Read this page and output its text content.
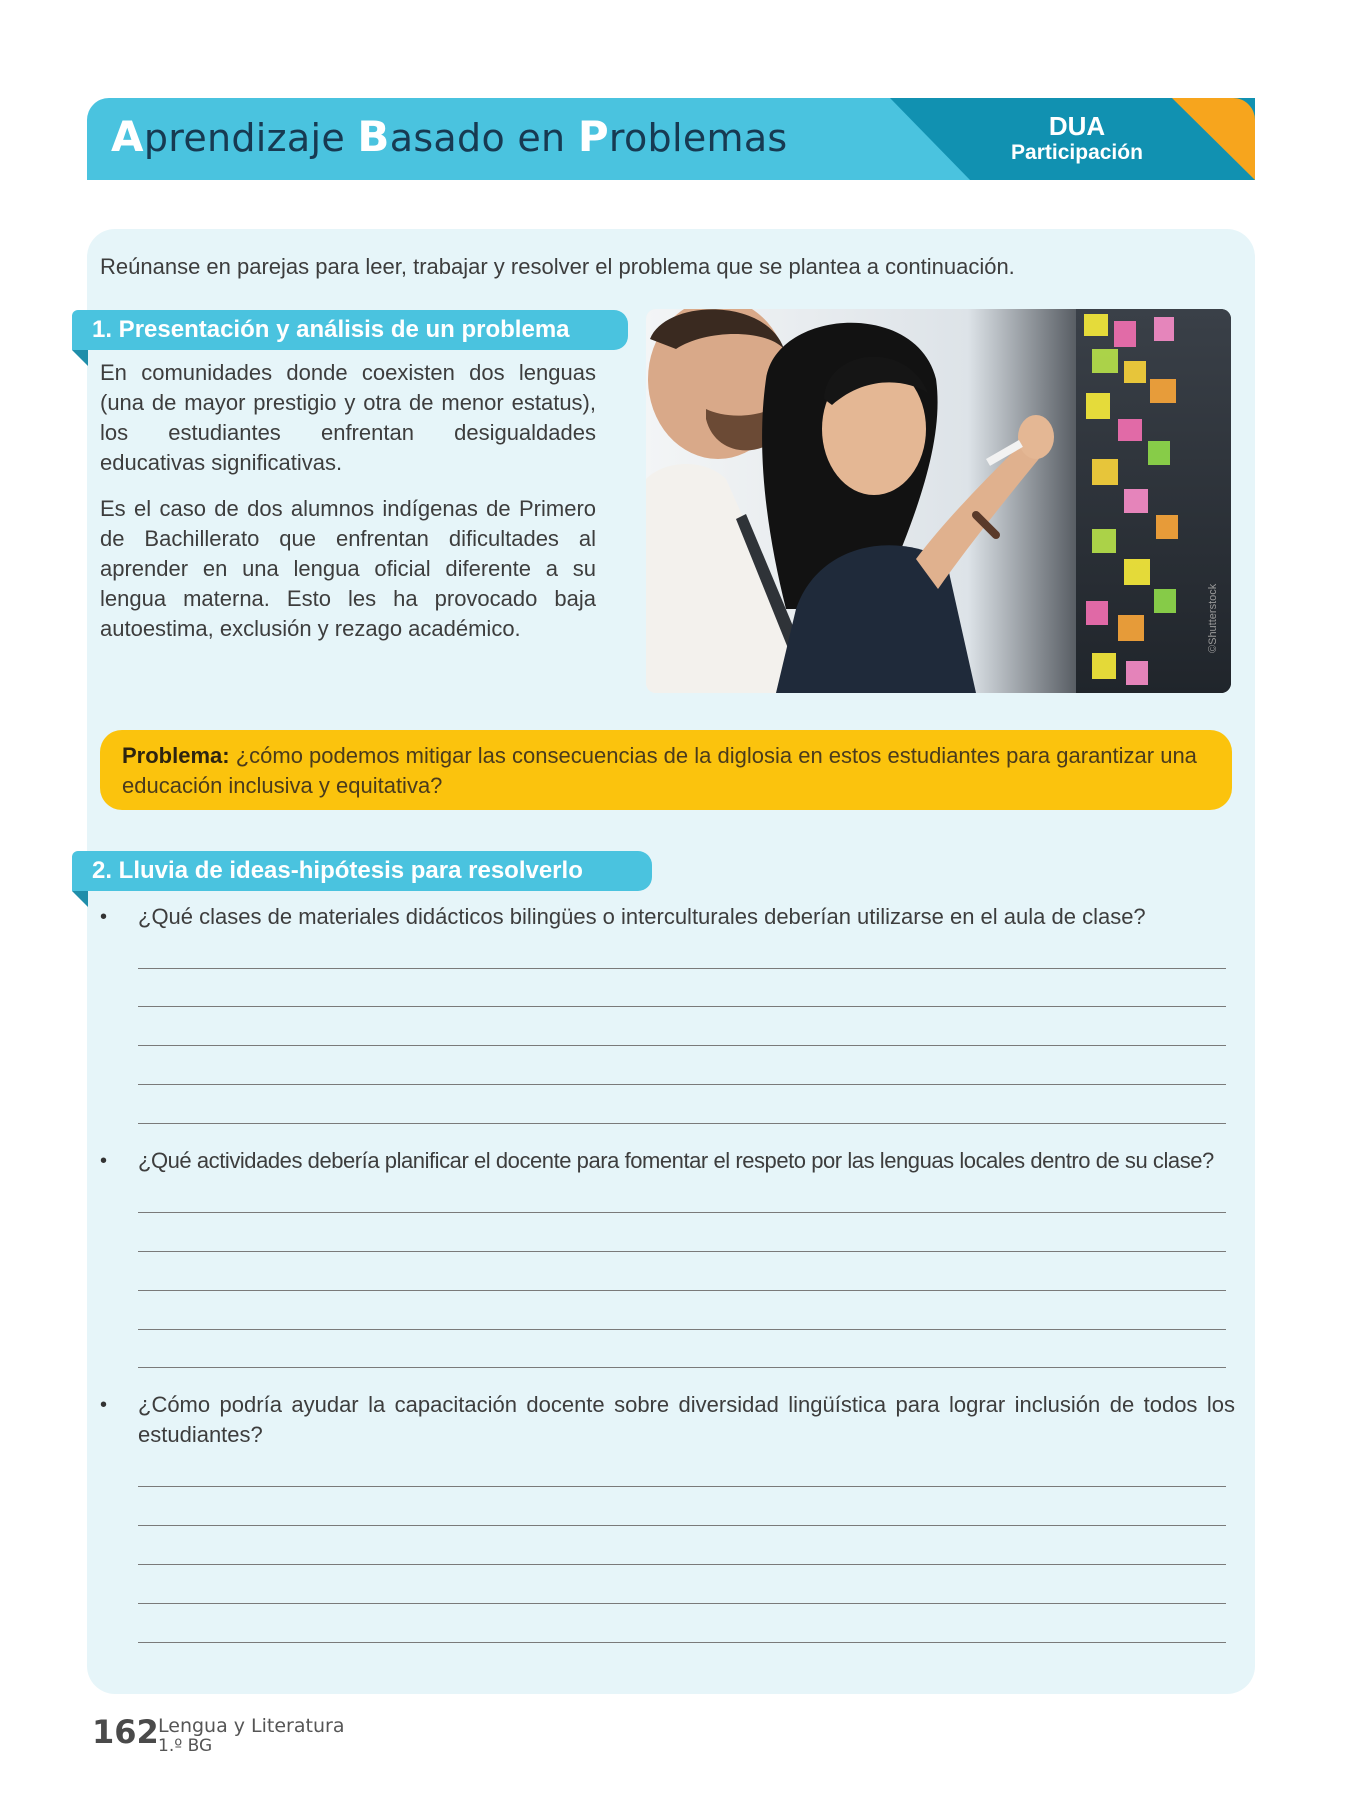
Aprendizaje Basado en Problemas	DUA
Participación

Reúnanse en parejas para leer, trabajar y resolver el problema que se plantea a continuación.

1. Presentación y análisis de un problema

En comunidades donde coexisten dos lenguas (una de mayor prestigio y otra de menor estatus), los estudiantes enfrentan desigualdades educativas significativas.

Es el caso de dos alumnos indígenas de Primero de Bachillerato que enfrentan dificultades al aprender en una lengua oficial diferente a su lengua materna. Esto les ha provocado baja autoestima, exclusión y rezago académico.

Problema: ¿cómo podemos mitigar las consecuencias de la diglosia en estos estudiantes para garantizar una educación inclusiva y equitativa?
2. Lluvia de ideas-hipótesis para resolverlo
• ¿Qué clases de materiales didácticos bilingües o interculturales deberían utilizarse en el aula de clase?
• ¿Qué actividades debería planificar el docente para fomentar el respeto por las lenguas locales dentro de su clase?
• ¿Cómo podría ayudar la capacitación docente sobre diversidad lingüística para lograr inclusión de todos los estudiantes?
162 Lengua y Literatura
1.º BG
